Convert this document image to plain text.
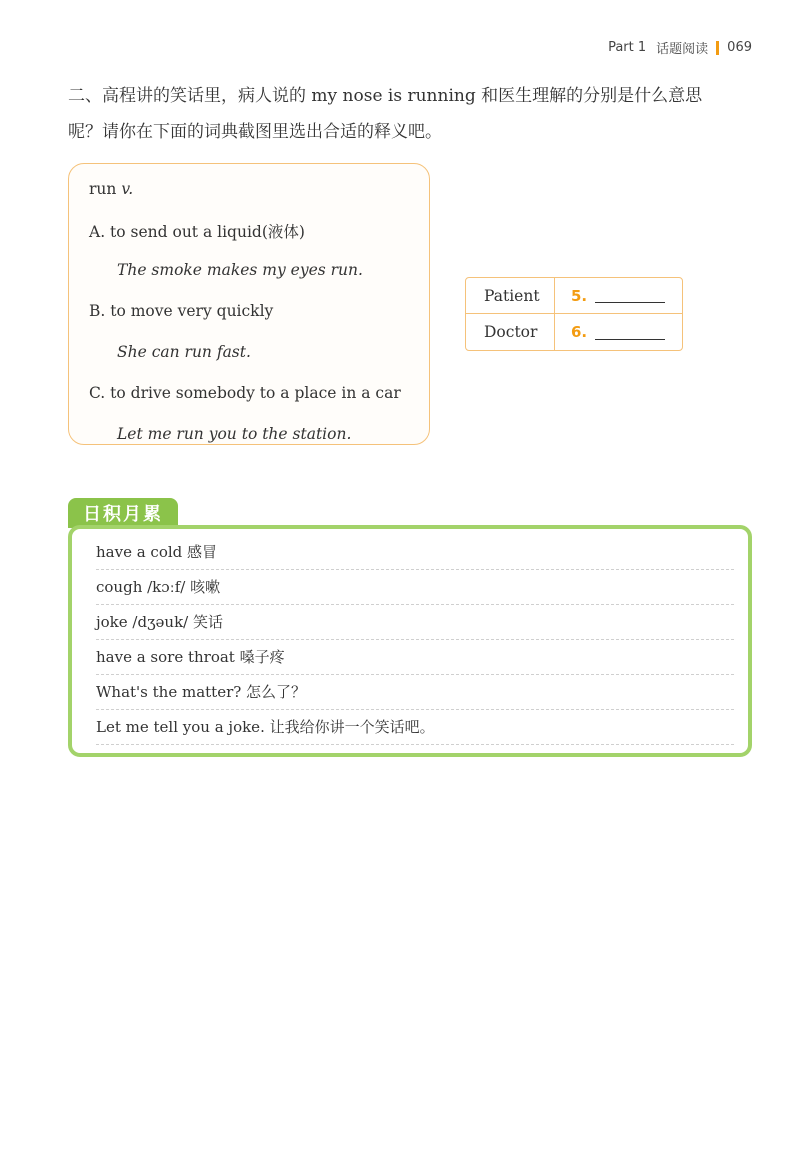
Part 1 话题阅读 069
二、高程讲的笑话里，病人说的 my nose is running 和医生理解的分别是什么意思
呢？请你在下面的词典截图里选出合适的释义吧。
run v.
A. to send out a liquid(液体)
The smoke makes my eyes run.
B. to move very quickly
She can run fast.
C. to drive somebody to a place in a car
Let me run you to the station.
Patient	5.
Doctor	6.
日积月累
have a cold 感冒
cough /kɔːf/ 咳嗽
joke /dʒəuk/ 笑话
have a sore throat 嗓子疼
What's the matter? 怎么了？
Let me tell you a joke. 让我给你讲一个笑话吧。
